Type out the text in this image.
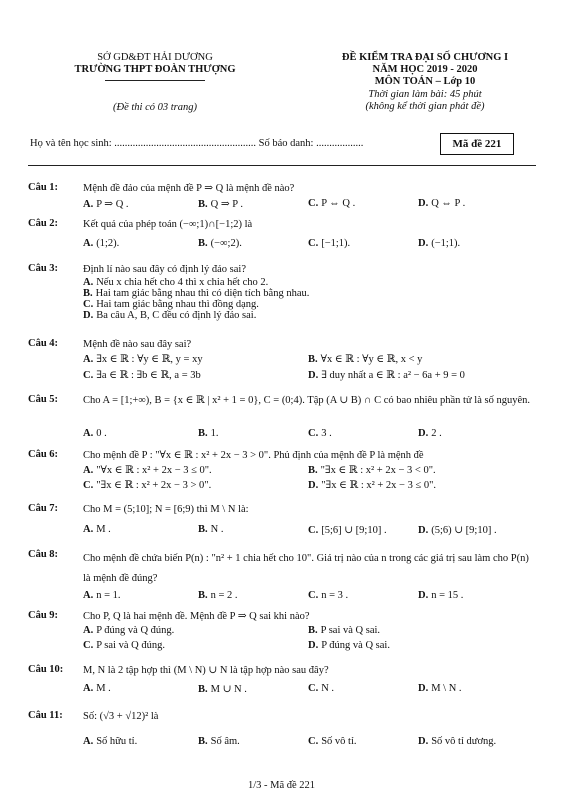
SỞ GD&ĐT HẢI DƯƠNG
TRƯỜNG THPT ĐOÀN THƯỢNG
(Đề thi có 03 trang)
ĐỀ KIỂM TRA ĐẠI SỐ CHƯƠNG I
NĂM HỌC 2019 - 2020
MÔN TOÁN – Lớp 10
Thời gian làm bài: 45 phút
(không kể thời gian phát đề)
Họ và tên học sinh: ...................................................... Số báo danh: ..................	Mã đề 221
Câu 1: Mệnh đề đảo của mệnh đề P ⇒ Q là mệnh đề nào?
A. P ⇒ Q .	B. Q ⇒ P .	C. P ⇔ Q .	D. Q ⇔ P .
Câu 2: Kết quả của phép toán (−∞;1)∩[−1;2) là
A. (1;2).	B. (−∞;2).	C. [−1;1).	D. (−1;1).
Câu 3: Định lí nào sau đây có định lý đảo sai?
A. Nếu x chia hết cho 4 thì x chia hết cho 2.
B. Hai tam giác bằng nhau thì có diện tích bằng nhau.
C. Hai tam giác bằng nhau thì đồng dạng.
D. Ba câu A, B, C đều có định lý đảo sai.
Câu 4: Mệnh đề nào sau đây sai?
A. ∃x ∈ ℝ : ∀y ∈ ℝ, y = xy	B. ∀x ∈ ℝ : ∀y ∈ ℝ, x < y
C. ∃a ∈ ℝ : ∃b ∈ ℝ, a = 3b	D. ∃ duy nhất a ∈ ℝ : a² − 6a + 9 = 0
Câu 5: Cho A = [1;+∞), B = {x ∈ ℝ | x² + 1 = 0}, C = (0;4). Tập (A ∪ B) ∩ C có bao nhiêu phần tử là số nguyên.
A. 0 .	B. 1.	C. 3 .	D. 2 .
Câu 6: Cho mệnh đề P : "∀x ∈ ℝ : x² + 2x − 3 > 0". Phủ định của mệnh đề P là mệnh đề
A. "∀x ∈ ℝ : x² + 2x − 3 ≤ 0".	B. "∃x ∈ ℝ : x² + 2x − 3 < 0".
C. "∃x ∈ ℝ : x² + 2x − 3 > 0".	D. "∃x ∈ ℝ : x² + 2x − 3 ≤ 0".
Câu 7: Cho M = (5;10]; N = [6;9) thì M \ N là:
A. M .	B. N .	C. [5;6] ∪ [9;10] .	D. (5;6) ∪ [9;10] .
Câu 8: Cho mệnh đề chứa biến P(n) : "n² + 1 chia hết cho 10". Giá trị nào của n trong các giá trị sau làm cho P(n) là mệnh đề đúng?
A. n = 1.	B. n = 2 .	C. n = 3 .	D. n = 15 .
Câu 9: Cho P, Q là hai mệnh đề. Mệnh đề P ⇒ Q sai khi nào?
A. P đúng và Q đúng.	B. P sai và Q sai.
C. P sai và Q đúng.	D. P đúng và Q sai.
Câu 10: M, N là 2 tập hợp thì (M \ N) ∪ N là tập hợp nào sau đây?
A. M .	B. M ∪ N .	C. N .	D. M \ N .
Câu 11: Số: (√3 + √12)² là
A. Số hữu tỉ.	B. Số âm.	C. Số vô tỉ.	D. Số vô tỉ dương.
1/3 - Mã đề 221
